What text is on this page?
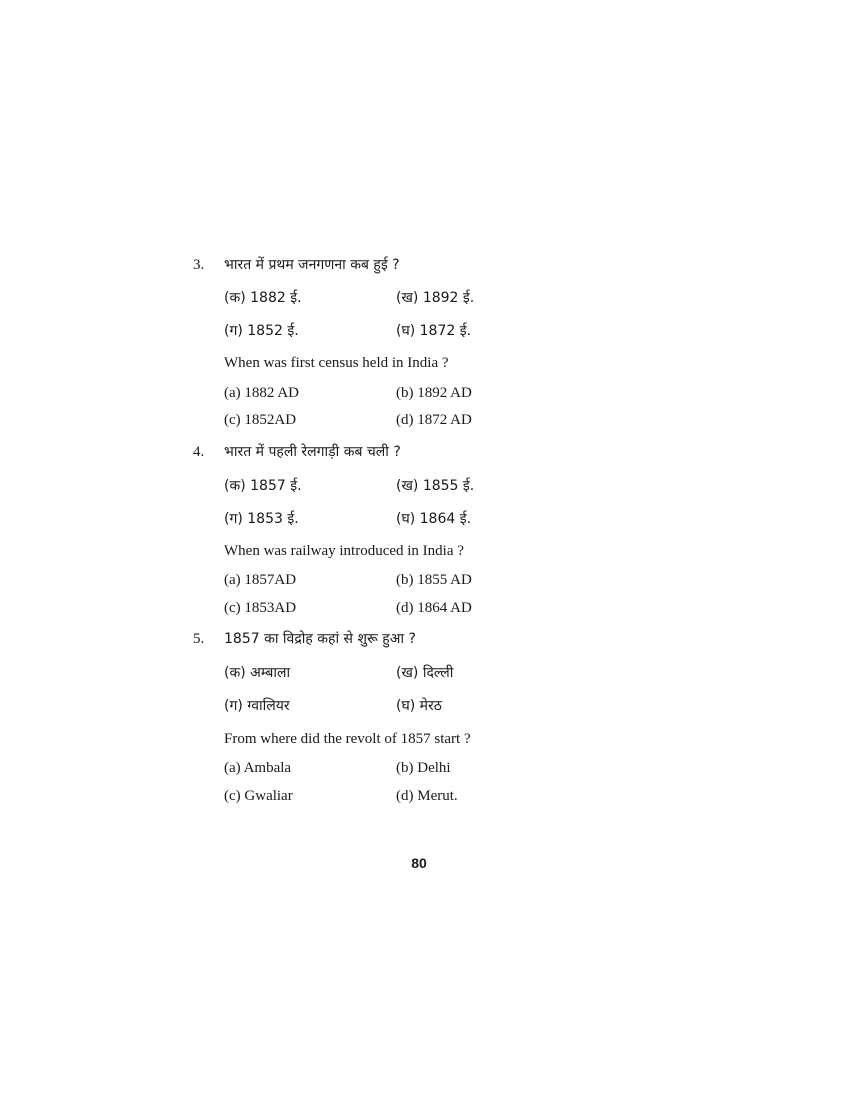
3. भारत में प्रथम जनगणना कब हुई ?
(क) 1882 ई.	(ख) 1892 ई.
(ग) 1852 ई.	(घ) 1872 ई.
When was first census held in India ?
(a) 1882 AD	(b) 1892 AD
(c) 1852AD	(d) 1872 AD
4. भारत में पहली रेलगाड़ी कब चली ?
(क) 1857 ई.	(ख) 1855 ई.
(ग) 1853 ई.	(घ) 1864 ई.
When was railway introduced in India ?
(a) 1857AD	(b) 1855 AD
(c) 1853AD	(d) 1864 AD
5. 1857 का विद्रोह कहां से शुरू हुआ ?
(क) अम्बाला	(ख) दिल्ली
(ग) ग्वालियर	(घ) मेरठ
From where did the revolt of 1857 start ?
(a) Ambala	(b) Delhi
(c) Gwaliar	(d) Merut.
80
